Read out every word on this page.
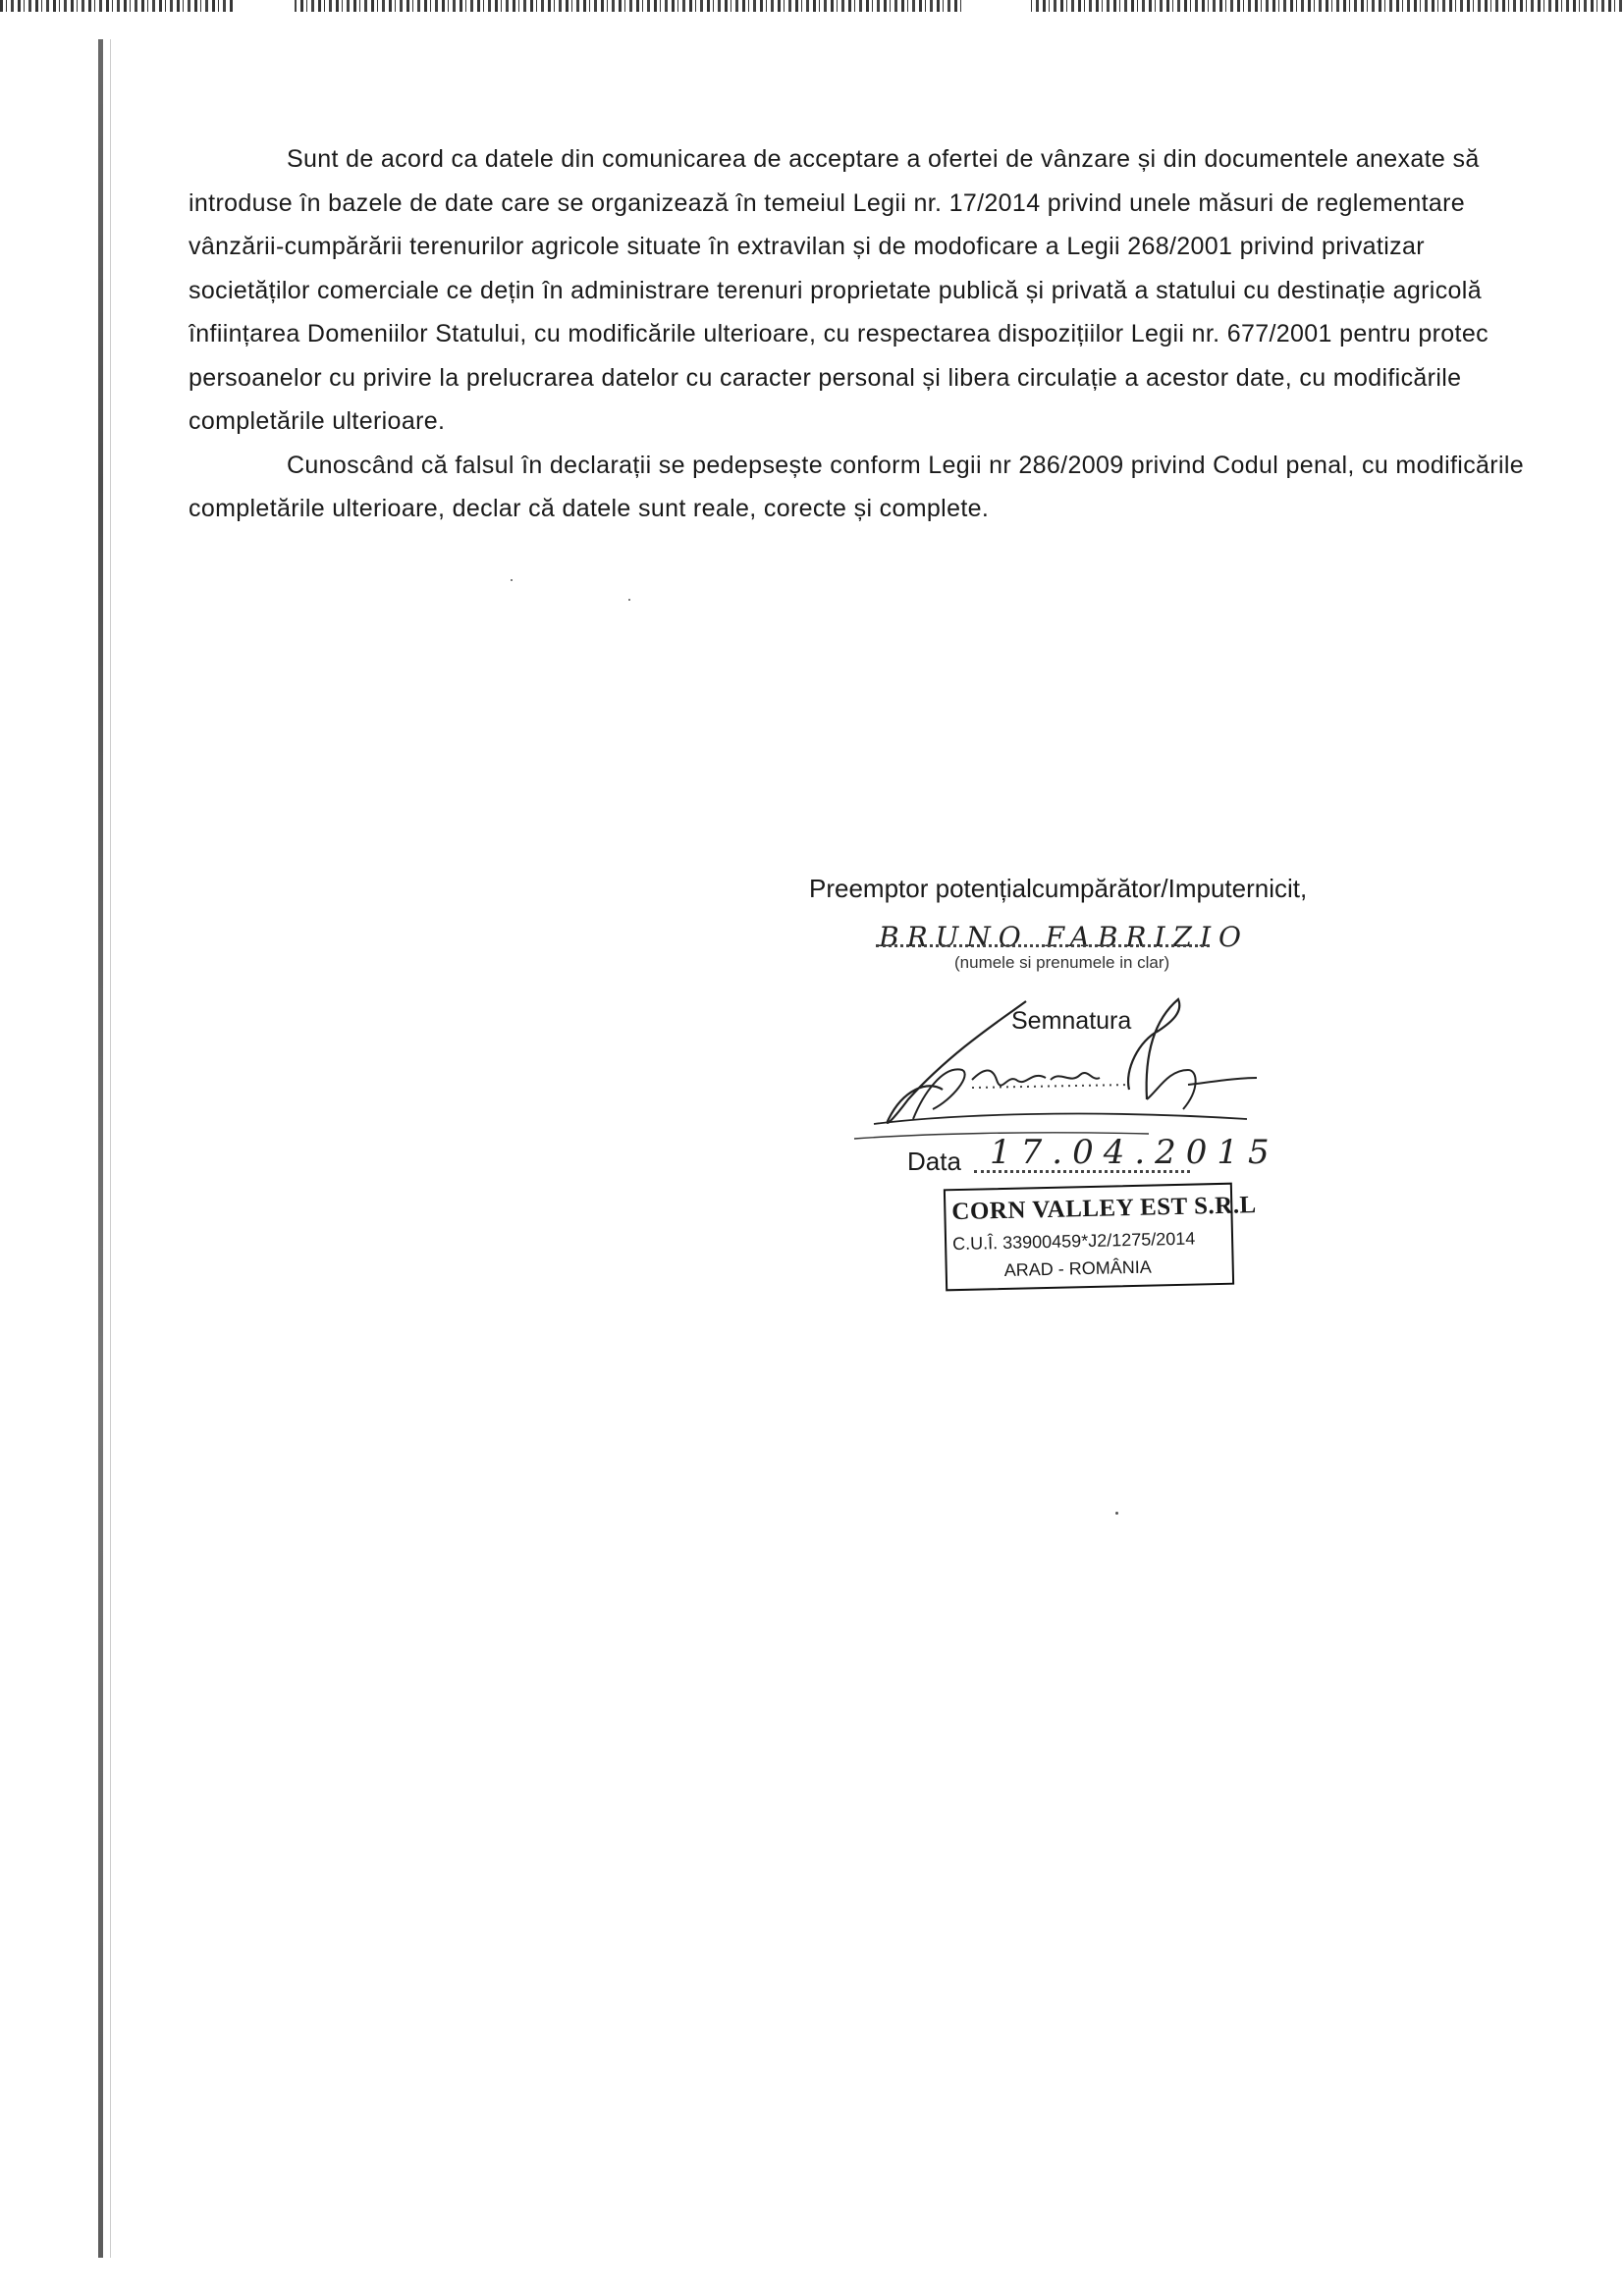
Sunt de acord ca datele din comunicarea de acceptare a ofertei de vânzare și din documentele anexate să
introduse în bazele de date care se organizează în temeiul Legii nr. 17/2014 privind unele măsuri de reglementare
vânzării-cumpărării terenurilor agricole situate în extravilan și de modoficare a Legii 268/2001 privind privatizar
societăților comerciale ce dețin în administrare terenuri proprietate publică și privată a statului cu destinație agricolă
înființarea Domeniilor Statului, cu modificările ulterioare, cu respectarea dispozițiilor Legii nr. 677/2001 pentru protec
persoanelor cu privire la prelucrarea datelor cu caracter personal și libera circulație a acestor date, cu modificările
completările ulterioare.

Cunoscând că falsul în declarații se pedepsește conform Legii nr 286/2009 privind Codul penal, cu modificările
completările ulterioare, declar că datele sunt reale, corecte și complete.

Preemptor potențialcumpărător/Imputernicit,
BRUNO FABRIZIO
(numele si prenumele in clar)
Semnatura
Data 17.04.2015
CORN VALLEY EST S.R.L
C.U.Î. 33900459*J2/1275/2014
ARAD - ROMÂNIA
